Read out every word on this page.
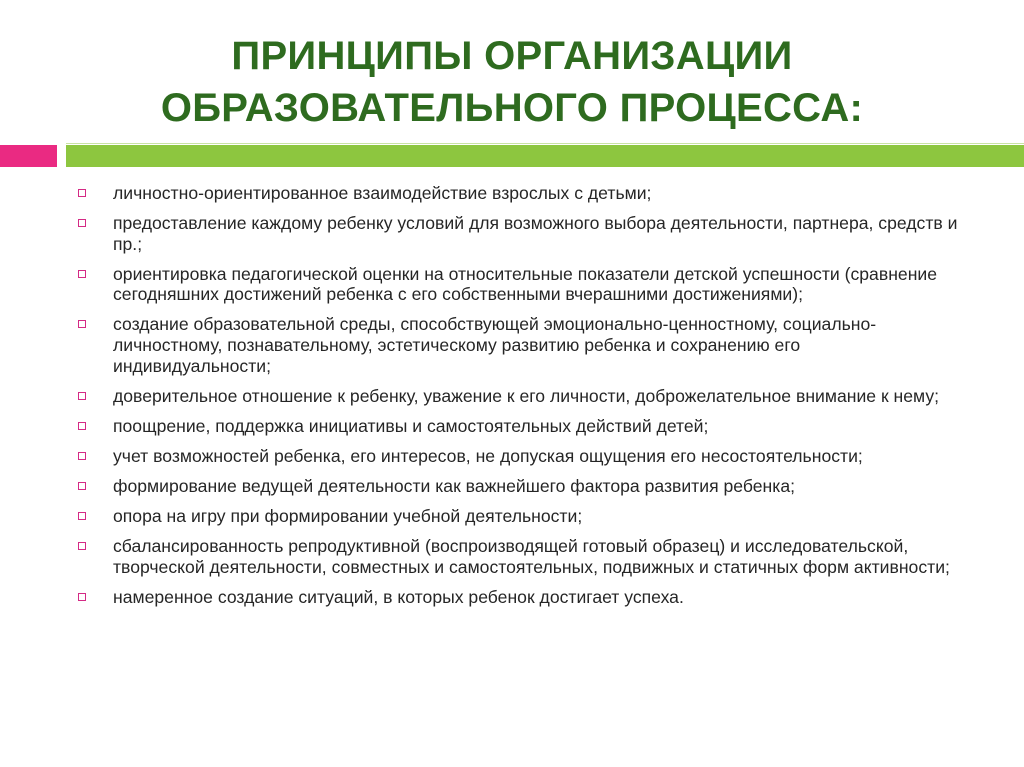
ПРИНЦИПЫ ОРГАНИЗАЦИИ
ОБРАЗОВАТЕЛЬНОГО ПРОЦЕССА:
личностно-ориентированное взаимодействие взрослых с детьми;
предоставление каждому ребенку условий для возможного выбора деятельности, партнера, средств и пр.;
ориентировка педагогической оценки на относительные показатели детской успешности (сравнение сегодняшних достижений ребенка с его собственными вчерашними достижениями);
создание образовательной среды, способствующей эмоционально-ценностному, социально-личностному, познавательному, эстетическому развитию ребенка и сохранению его индивидуальности;
доверительное отношение к ребенку, уважение к его личности, доброжелательное внимание к нему;
поощрение, поддержка инициативы и самостоятельных действий детей;
учет возможностей ребенка, его интересов, не допуская ощущения его несостоятельности;
формирование ведущей деятельности как важнейшего фактора развития ребенка;
опора на игру при формировании учебной деятельности;
сбалансированность репродуктивной (воспроизводящей готовый образец) и исследовательской, творческой деятельности, совместных и самостоятельных, подвижных и статичных форм активности;
намеренное создание ситуаций, в которых ребенок достигает успеха.
